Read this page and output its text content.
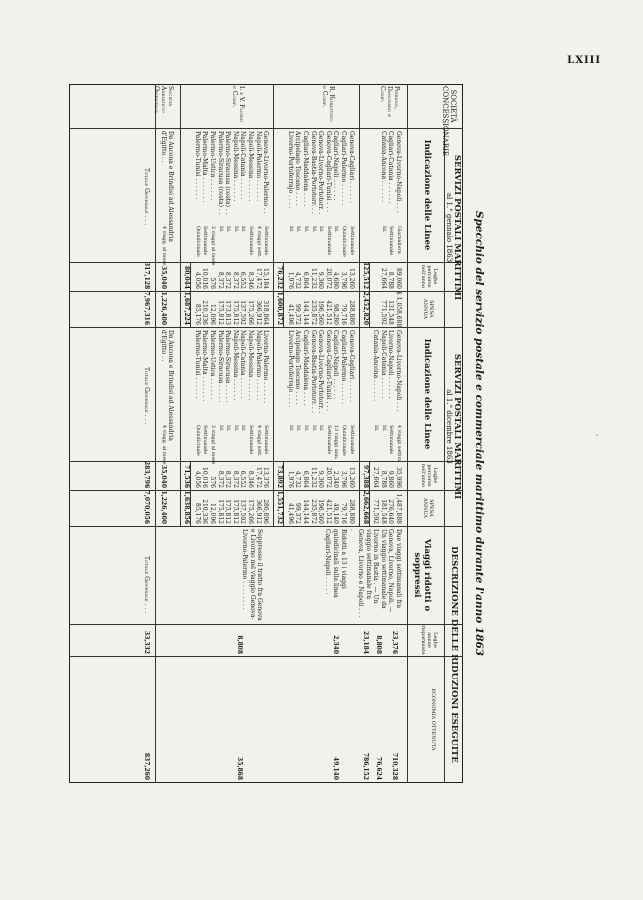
LXIII
Specchio del servizio postale e commerciale marittimo durante l'anno 1863
SOCIETÀ CONCESSIONARIE
SERVIZI POSTALI MARITTIMI
al 1.° gennaio 1863
Indicazione delle Linee
Leghe percorse nell'anno
SPESA ANNUA
SERVIZI POSTALI MARITTIMI
al 1.° dicembre 1863
Indicazione delle Linee
Leghe percorse nell'anno
SPESA ANNUA
DESCRIZIONE DELLE RIDUZIONI ESEGUITE
Viaggi ridotti o soppressi
Leghe annue risparmiate
ECONOMIA OTTENUTA
Genova-Livorno-Napoli . . .
Giornaliera
89,060
$ 1,058,688
Cagliari-Catania . . . . . .
Settimanale
8,788
131,548
Catania-Ancona . . . . . .
Id.
27,664
771,592
Genova-Livorno-Napoli . . .
4 viaggi settim.
35,996
1,487,888
Livorno-Napoli . . . . . .
Settimanale
9,860
276,640
Napoli-Catania . . . . . .
Id.
8,788
181,548
Catania-Ancona . . . . . .
Id.
27,664
771,592
Peirano, Danovaro e Comp.
125,512
2,452,820
97,388
2,662,668
Genova-Cagliari . . . . . .
Settimanale
13,260
288,880
Cagliari-Palermo . . . . . .
Quindicinale
3,796
79,716
Cagliari-Napoli . . . . . .
Id.
4,680
98,280
Genova-Cagliari-Tunisi . . .
Settimanale
20,072
421,512
Genova-Livorno-Portotorr. .
Id.
9,360
196,560
Genova-Bastia-Portotorr. . .
Id.
11,232
235,872
Cagliari-Maddalena . . . .
Id.
6,864
144,144
Arcipelago Toscano . . . .
Id.
4,732
99,372
Livorno-Portoferrajo . . . .
Id.
1,976
41,496
Genova-Cagliari . . . . . .
Settimanale
13,260
288,880
Cagliari-Palermo . . . . . .
Quindicinale
3,796
79,716
Cagliari-Napoli . . . . . .
13 viaggi ann.
2,340
49,140
Genova-Cagliari-Tunisi . . .
Settimanale
20,072
421,512
Genova-Livorno-Portotorr. .
Id.
9,360
196,560
Genova-Bastia-Portotorr. . .
Id.
11,232
235,872
Cagliari-Maddalena . . . .
Id.
6,864
144,144
Arcipelago Toscano . . . .
Id.
4,732
99,372
Livorno-Portoferrajo . . . .
Id.
1,976
41,496
R. Rubattino e Comp.
76,232
1,600,872
73,892
1,551,732
Genova-Livorno-Palermo . .
Settimanale
15,184
318,864
Napoli-Palermo . . . . . .
4 viaggi sett.
17,472
366,912
Napoli-Messina . . . . . .
Settimanale
8,346
175,266
Napoli-Catania . . . . . .
Id.
6,552
137,592
Napoli-Messina . . . . . .
Id.
8,372
175,812
Palermo-Siracusa (costa) . .
Id.
8,372
173,813
Palermo-Siracusa (costa) . .
Id.
8,372
175,812
Palermo-Ustica . . . . . .
2 viaggi al mese
576
12,096
Palermo-Malta . . . . . . .
Settimanale
10,016
210,336
Palermo-Tunisi . . . . . .
Quindicinale
4,056
85,176
Livorno-Palermo . . . . . .
Settimanale
13,376
280,896
Napoli-Palermo . . . . . .
4 viaggi sett.
17,472
366,912
Napoli-Messina . . . . . .
Settimanale
8,346
175,266
Napoli-Catania . . . . . .
Id.
6,552
137,592
Napoli-Messina . . . . . .
Id.
8,372
175,812
Palermo-Siracusa . . . . .
Id.
8,372
175,812
Palermo-Siracusa . . . . .
Id.
8,372
175,812
Palermo-Ustica . . . . . .
2 viaggi al mese
576
12,096
Palermo-Malta . . . . . . .
Settimanale
10,016
210,336
Palermo-Tunisi . . . . . .
Quindicinale
4,056
85,176
I. e V. Florio e Comp.
80,044
1,687,224
71,536
1,638,856
Società Adriatico-Orientale
Da Ancona e Brindisi ad Alessandria d'Egitto . .
4 viagg. al mese
35,040
1,226,400
Da Ancona e Brindisi ad Alessandria d'Egitto . .
4 viagg. al mese
35,040
1,226,400
Totale Generale . . .
317,128
7,967,316
Totale Generale . . .
283,796
7,070,056
Due viaggi settimanali fra Genova, Livorno, Napoli. — Un viaggio settimanale da Livorno in Bastia . — Un viaggio settimanale fra Genova, Livorno e Napoli . . . .
Ridotti a 13 i viaggi quindicinali sulla linea Cagliari-Napoli . . . . .
Soppresso il tratto fra Genova e Livorno nel viaggio Genova-Livorno-Palermo . . . . . . . .
23,376
710,328
8,808
76,624
23,184
786,152
2,340
49,140
8,808
35,868
33,332
837,260
Totale Generale . . .
′
